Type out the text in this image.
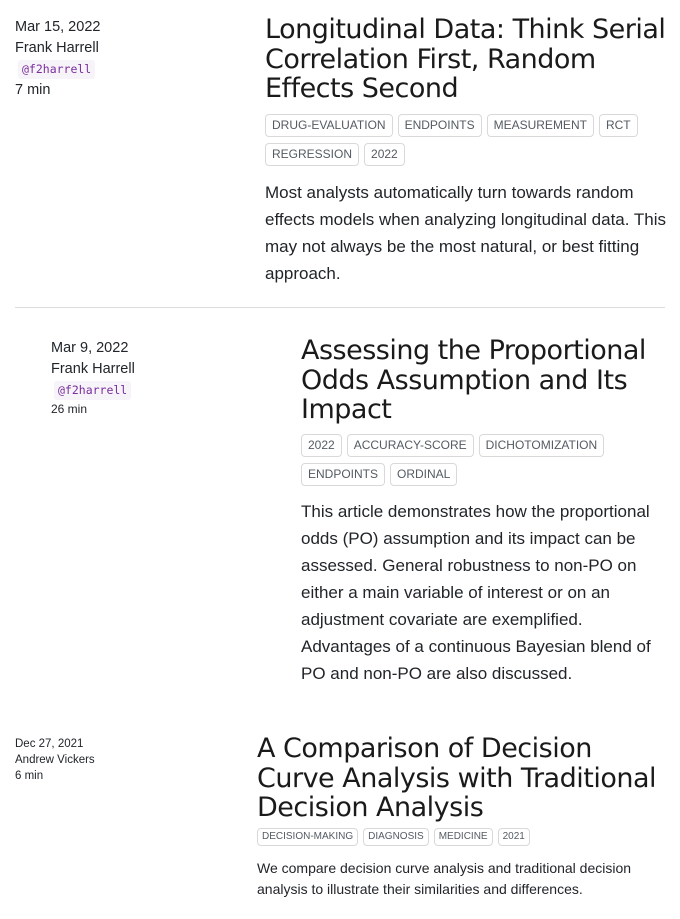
Mar 15, 2022
Frank Harrell
@f2harrell
7 min
Longitudinal Data: Think Serial Correlation First, Random Effects Second
DRUG-EVALUATION	ENDPOINTS	MEASUREMENT	RCT
REGRESSION	2022

Most analysts automatically turn towards random effects models when analyzing longitudinal data. This may not always be the most natural, or best fitting approach.

Mar 9, 2022
Frank Harrell
@f2harrell
26 min
Assessing the Proportional Odds Assumption and Its Impact
2022	ACCURACY-SCORE	DICHOTOMIZATION
ENDPOINTS	ORDINAL

This article demonstrates how the proportional odds (PO) assumption and its impact can be assessed. General robustness to non-PO on either a main variable of interest or on an adjustment covariate are exemplified. Advantages of a continuous Bayesian blend of PO and non-PO are also discussed.

Dec 27, 2021
Andrew Vickers
6 min
A Comparison of Decision Curve Analysis with Traditional Decision Analysis
DECISION-MAKING	DIAGNOSIS	MEDICINE	2021

We compare decision curve analysis and traditional decision analysis to illustrate their similarities and differences.
